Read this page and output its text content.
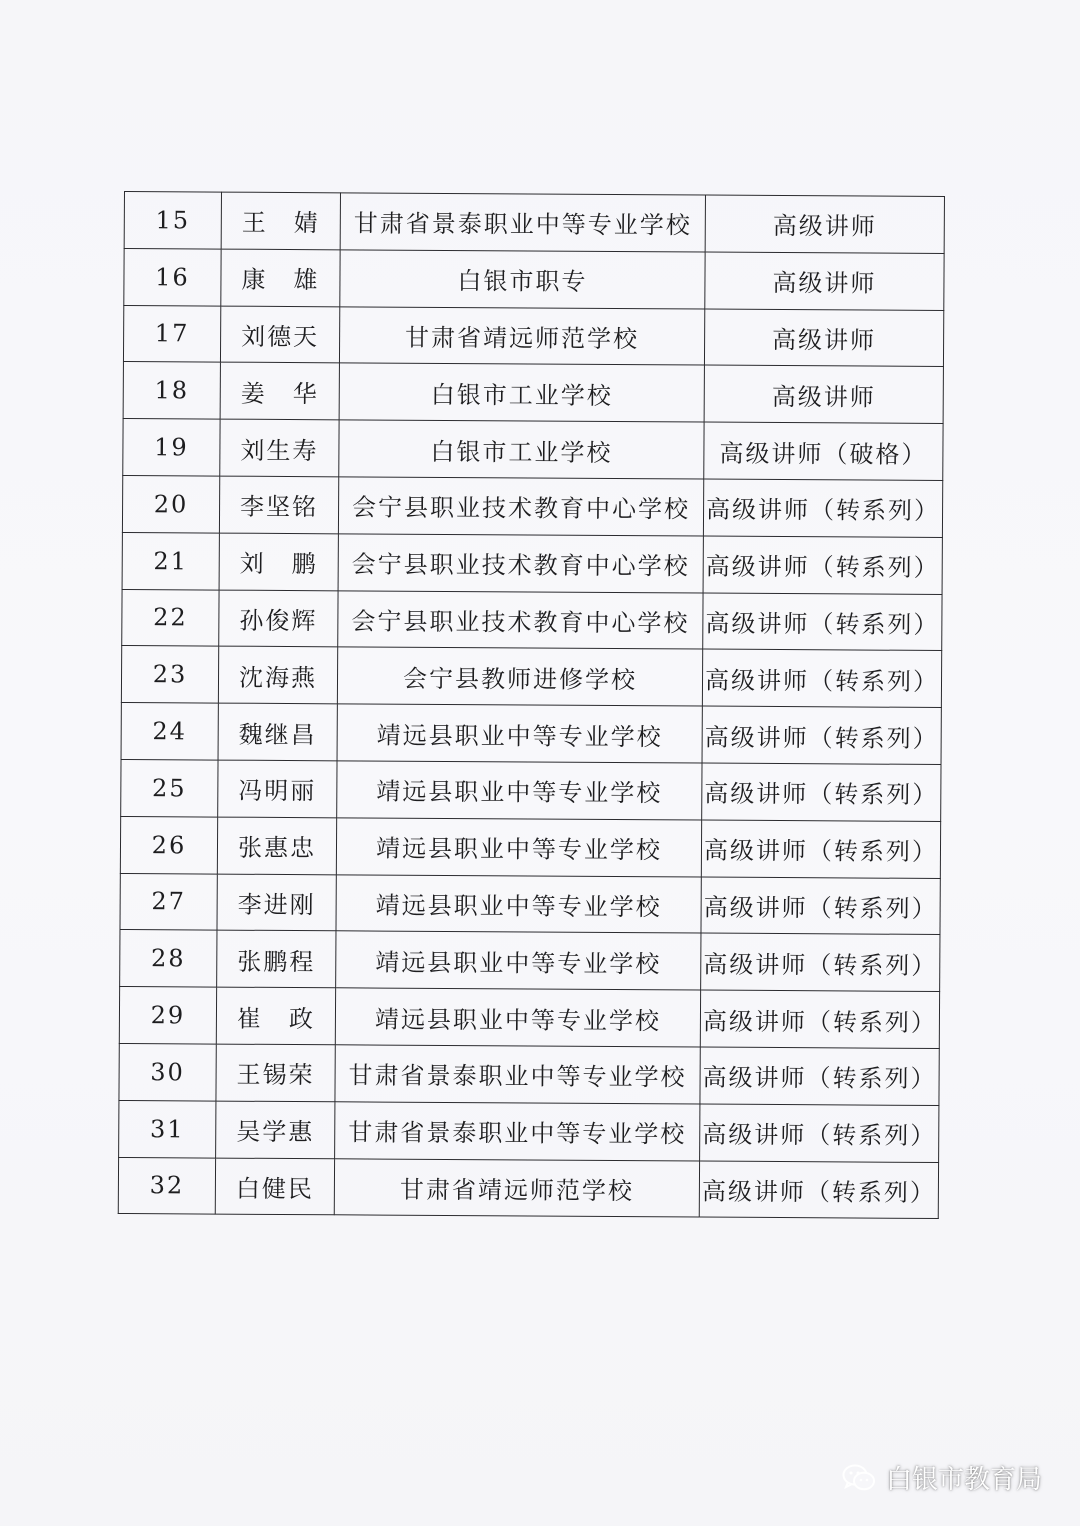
15	王　婧	甘肃省景泰职业中等专业学校	高级讲师
16	康　雄	白银市职专	高级讲师
17	刘德天	甘肃省靖远师范学校	高级讲师
18	姜　华	白银市工业学校	高级讲师
19	刘生寿	白银市工业学校	高级讲师（破格）
20	李坚铭	会宁县职业技术教育中心学校	高级讲师（转系列）
21	刘　鹏	会宁县职业技术教育中心学校	高级讲师（转系列）
22	孙俊辉	会宁县职业技术教育中心学校	高级讲师（转系列）
23	沈海燕	会宁县教师进修学校	高级讲师（转系列）
24	魏继昌	靖远县职业中等专业学校	高级讲师（转系列）
25	冯明丽	靖远县职业中等专业学校	高级讲师（转系列）
26	张惠忠	靖远县职业中等专业学校	高级讲师（转系列）
27	李进刚	靖远县职业中等专业学校	高级讲师（转系列）
28	张鹏程	靖远县职业中等专业学校	高级讲师（转系列）
29	崔　政	靖远县职业中等专业学校	高级讲师（转系列）
30	王锡荣	甘肃省景泰职业中等专业学校	高级讲师（转系列）
31	吴学惠	甘肃省景泰职业中等专业学校	高级讲师（转系列）
32	白健民	甘肃省靖远师范学校	高级讲师（转系列）
白银市教育局
